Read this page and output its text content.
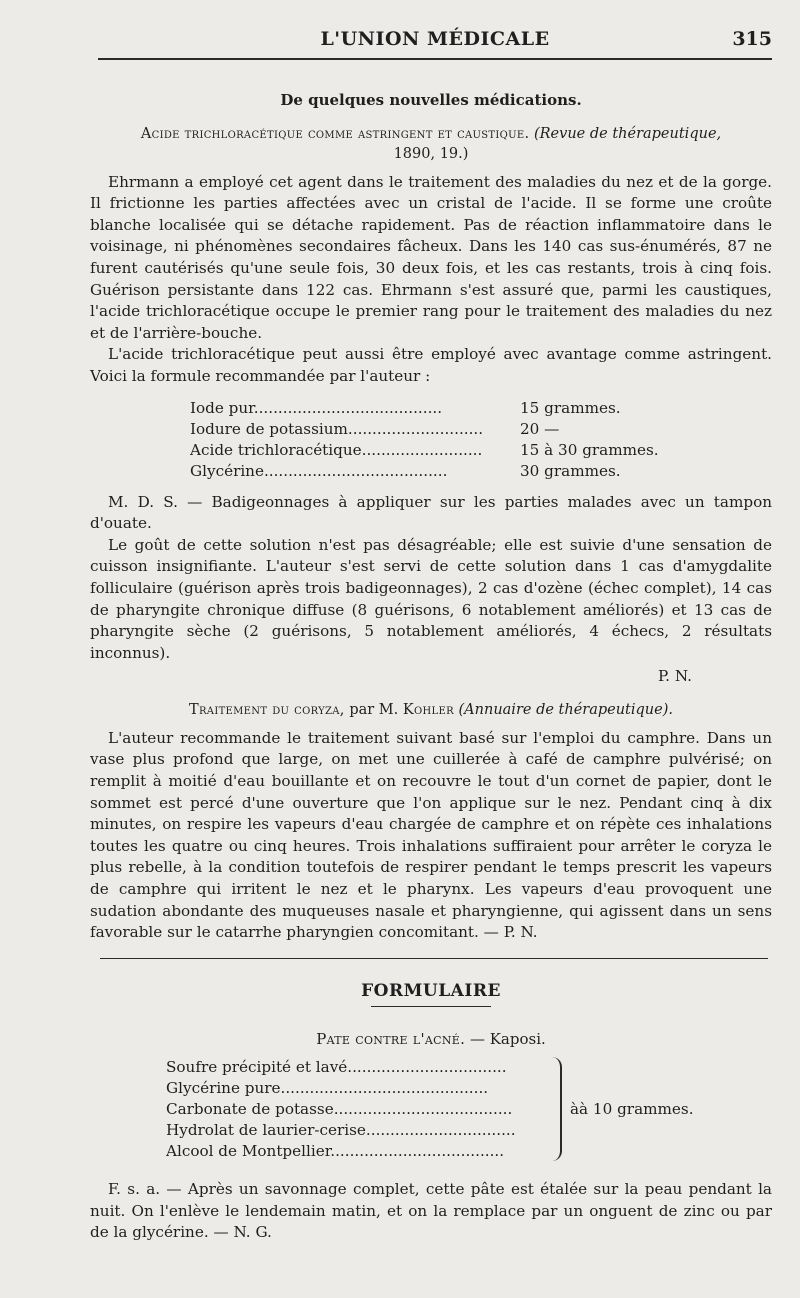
L'UNION MÉDICALE	315
De quelques nouvelles médications.
Acide trichloracétique comme astringent et caustique. (Revue de thérapeutique,
1890, 19.)

Ehrmann a employé cet agent dans le traitement des maladies du nez et de la gorge. Il frictionne les parties affectées avec un cristal de l'acide. Il se forme une croûte blanche localisée qui se détache rapidement. Pas de réaction inflammatoire dans le voisinage, ni phénomènes secondaires fâcheux. Dans les 140 cas sus-énumérés, 87 ne furent cautérisés qu'une seule fois, 30 deux fois, et les cas restants, trois à cinq fois. Guérison persistante dans 122 cas. Ehrmann s'est assuré que, parmi les caustiques, l'acide trichloracétique occupe le premier rang pour le traitement des maladies du nez et de l'arrière-bouche.

L'acide trichloracétique peut aussi être employé avec avantage comme astringent. Voici la formule recommandée par l'auteur :

Iode pur.......................................	15 grammes.
Iodure de potassium............................	20 —
Acide trichloracétique.........................	15 à 30 grammes.
Glycérine......................................	30 grammes.

M. D. S. — Badigeonnages à appliquer sur les parties malades avec un tampon d'ouate.

Le goût de cette solution n'est pas désagréable; elle est suivie d'une sensation de cuisson insignifiante. L'auteur s'est servi de cette solution dans 1 cas d'amygdalite folliculaire (guérison après trois badigeonnages), 2 cas d'ozène (échec complet), 14 cas de pharyngite chronique diffuse (8 guérisons, 6 notablement améliorés) et 13 cas de pharyngite sèche (2 guérisons, 5 notablement améliorés, 4 échecs, 2 résultats inconnus).

P. N.
Traitement du coryza, par M. Kohler (Annuaire de thérapeutique).

L'auteur recommande le traitement suivant basé sur l'emploi du camphre. Dans un vase plus profond que large, on met une cuillerée à café de camphre pulvérisé; on remplit à moitié d'eau bouillante et on recouvre le tout d'un cornet de papier, dont le sommet est percé d'une ouverture que l'on applique sur le nez. Pendant cinq à dix minutes, on respire les vapeurs d'eau chargée de camphre et on répète ces inhalations toutes les quatre ou cinq heures. Trois inhalations suffiraient pour arrêter le coryza le plus rebelle, à la condition toutefois de respirer pendant le temps prescrit les vapeurs de camphre qui irritent le nez et le pharynx. Les vapeurs d'eau provoquent une sudation abondante des muqueuses nasale et pharyngienne, qui agissent dans un sens favorable sur le catarrhe pharyngien concomitant. — P. N.

FORMULAIRE
Pate contre l'acné. — Kaposi.
Soufre précipité et lavé.................................
Glycérine pure...........................................
Carbonate de potasse.....................................
Hydrolat de laurier-cerise...............................
Alcool de Montpellier....................................
àà 10 grammes.

F. s. a. — Après un savonnage complet, cette pâte est étalée sur la peau pendant la nuit. On l'enlève le lendemain matin, et on la remplace par un onguent de zinc ou par de la glycérine. — N. G.
